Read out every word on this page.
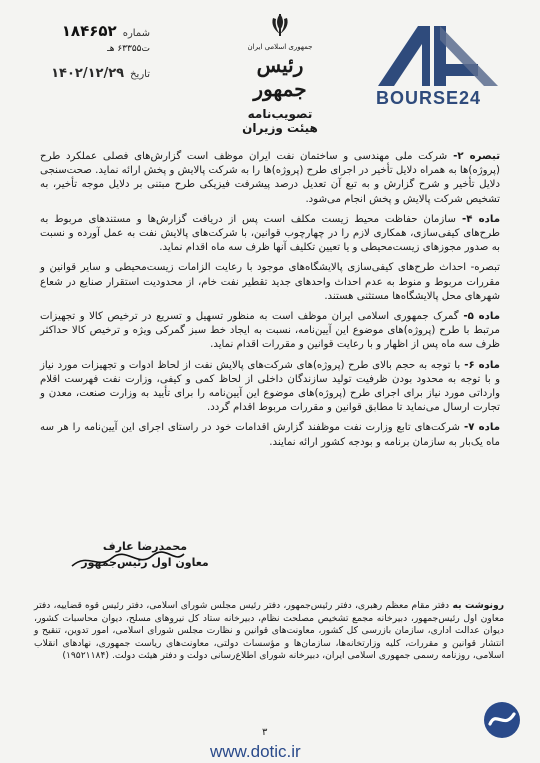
شماره
۱۸۴۶۵۲
ت۶۳۳۵۵ هـ
تاریخ
۱۴۰۲/۱۲/۲۹
جمهوری اسلامی ایران
رئیس جمهور
تصویب‌نامه هیئت وزیران
BOURSE24

تبصره ۲- شرکت ملی مهندسی و ساختمان نفت ایران موظف است گزارش‌های فصلی عملکرد طرح (پروژه)ها به همراه دلایل تأخیر در اجرای طرح (پروژه)ها را به شرکت پالایش و پخش ارائه نماید. صحت‌سنجی دلایل تأخیر و شرح گزارش و به تبع آن تعدیل درصد پیشرفت فیزیکی طرح مبتنی بر دلایل موجه تأخیر، به تشخیص شرکت پالایش و پخش انجام می‌شود.

ماده ۴- سازمان حفاظت محیط زیست مکلف است پس از دریافت گزارش‌ها و مستندهای مربوط به طرح‌های کیفی‌سازی، همکاری لازم را در چهارچوب قوانین، با شرکت‌های پالایش نفت به عمل آورده و نسبت به صدور مجوزهای زیست‌محیطی و یا تعیین تکلیف آنها ظرف سه ماه اقدام نماید.

تبصره- احداث طرح‌های کیفی‌سازی پالایشگاه‌های موجود با رعایت الزامات زیست‌محیطی و سایر قوانین و مقررات مربوط و منوط به عدم احداث واحدهای جدید تقطیر نفت خام، از محدودیت استقرار صنایع در شعاع شهرهای محل پالایشگاه‌ها مستثنی هستند.

ماده ۵- گمرک جمهوری اسلامی ایران موظف است به منظور تسهیل و تسریع در ترخیص کالا و تجهیزات مرتبط با طرح (پروژه)های موضوع این آیین‌نامه، نسبت به ایجاد خط سبز گمرکی ویژه و ترخیص کالا حداکثر ظرف سه ماه پس از اظهار و با رعایت قوانین و مقررات اقدام نماید.

ماده ۶- با توجه به حجم بالای طرح (پروژه)های شرکت‌های پالایش نفت از لحاظ ادوات و تجهیزات مورد نیاز و با توجه به محدود بودن ظرفیت تولید سازندگان داخلی از لحاظ کمی و کیفی، وزارت نفت فهرست اقلام وارداتی مورد نیاز برای اجرای طرح (پروژه)های موضوع این آیین‌نامه را برای تأیید به وزارت صنعت، معدن و تجارت ارسال می‌نماید تا مطابق قوانین و مقررات مربوط اقدام گردد.

ماده ۷- شرکت‌های تابع وزارت نفت موظفند گزارش اقدامات خود در راستای اجرای این آیین‌نامه را هر سه ماه یک‌بار به سازمان برنامه و بودجه کشور ارائه نمایند.

محمدرضا عارف
معاون اول رئیس‌جمهور
رونوشت به دفتر مقام معظم رهبری، دفتر رئیس‌جمهور، دفتر رئیس مجلس شورای اسلامی، دفتر رئیس قوه قضاییه، دفتر معاون اول رئیس‌جمهور، دبیرخانه مجمع تشخیص مصلحت نظام، دبیرخانه ستاد کل نیروهای مسلح، دیوان محاسبات کشور، دیوان عدالت اداری، سازمان بازرسی کل کشور، معاونت‌های قوانین و نظارت مجلس شورای اسلامی، امور تدوین، تنقیح و انتشار قوانین و مقررات، کلیه وزارتخانه‌ها، سازمان‌ها و مؤسسات دولتی، معاونت‌های ریاست جمهوری، نهادهای انقلاب اسلامی، روزنامه رسمی جمهوری اسلامی ایران، دبیرخانه شورای اطلاع‌رسانی دولت و دفتر هیئت دولت. (۱۹۵۲۱۱۸۴)
۳
www.dotic.ir
